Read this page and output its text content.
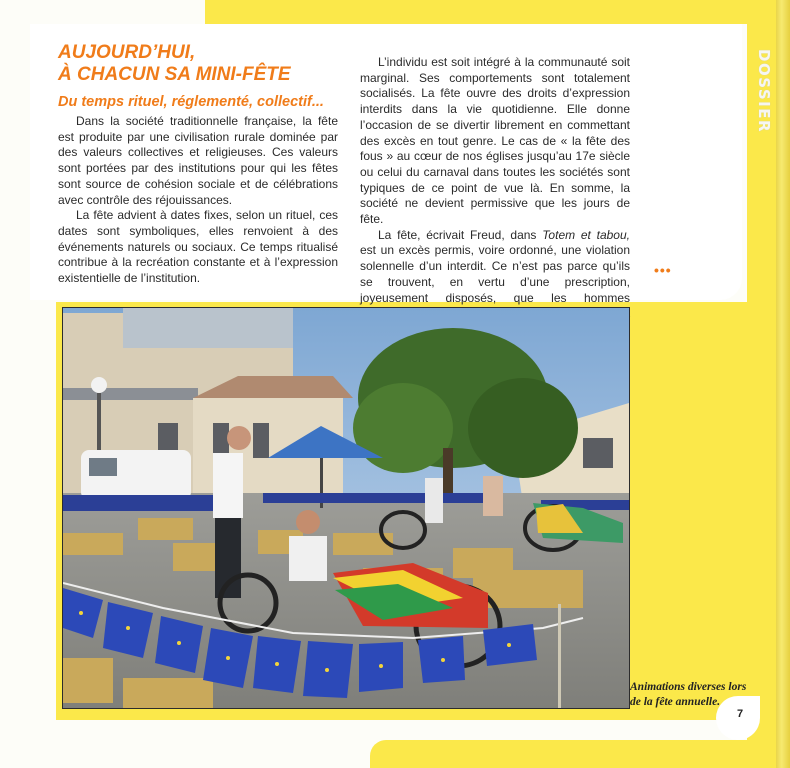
DOSSIER
AUJOURD’HUI,
À CHACUN SA MINI-FÊTE
Du temps rituel, réglementé, collectif...

Dans la société traditionnelle française, la fête est produite par une civilisation rurale dominée par des valeurs collectives et religieuses. Ces valeurs sont portées par des institutions pour qui les fêtes sont source de cohésion sociale et de célébrations avec contrôle des réjouissances.

La fête advient à dates fixes, selon un rituel, ces dates sont symboliques, elles renvoient à des événements naturels ou sociaux. Ce temps ritualisé contribue à la recréation constante et à l’expression existentielle de l’institution.

L’individu est soit intégré à la communauté soit marginal. Ses comportements sont totalement socialisés. La fête ouvre des droits d’expression interdits dans la vie quotidienne. Elle donne l’occasion de se divertir librement en commettant des excès en tout genre. Le cas de « la fête des fous » au cœur de nos églises jusqu’au 17e siècle ou celui du carnaval dans toutes les sociétés sont typiques de ce point de vue là. En somme, la société ne devient permissive que les jours de fête.

La fête, écrivait Freud, dans Totem et tabou, est un excès permis, voire ordonné, une violation solennelle d’un interdit. Ce n’est pas parce qu’ils se trouvent, en vertu d’une prescription, joyeusement disposés, que les hommes

•••

Animations diverses lors de la fête annuelle.

7
